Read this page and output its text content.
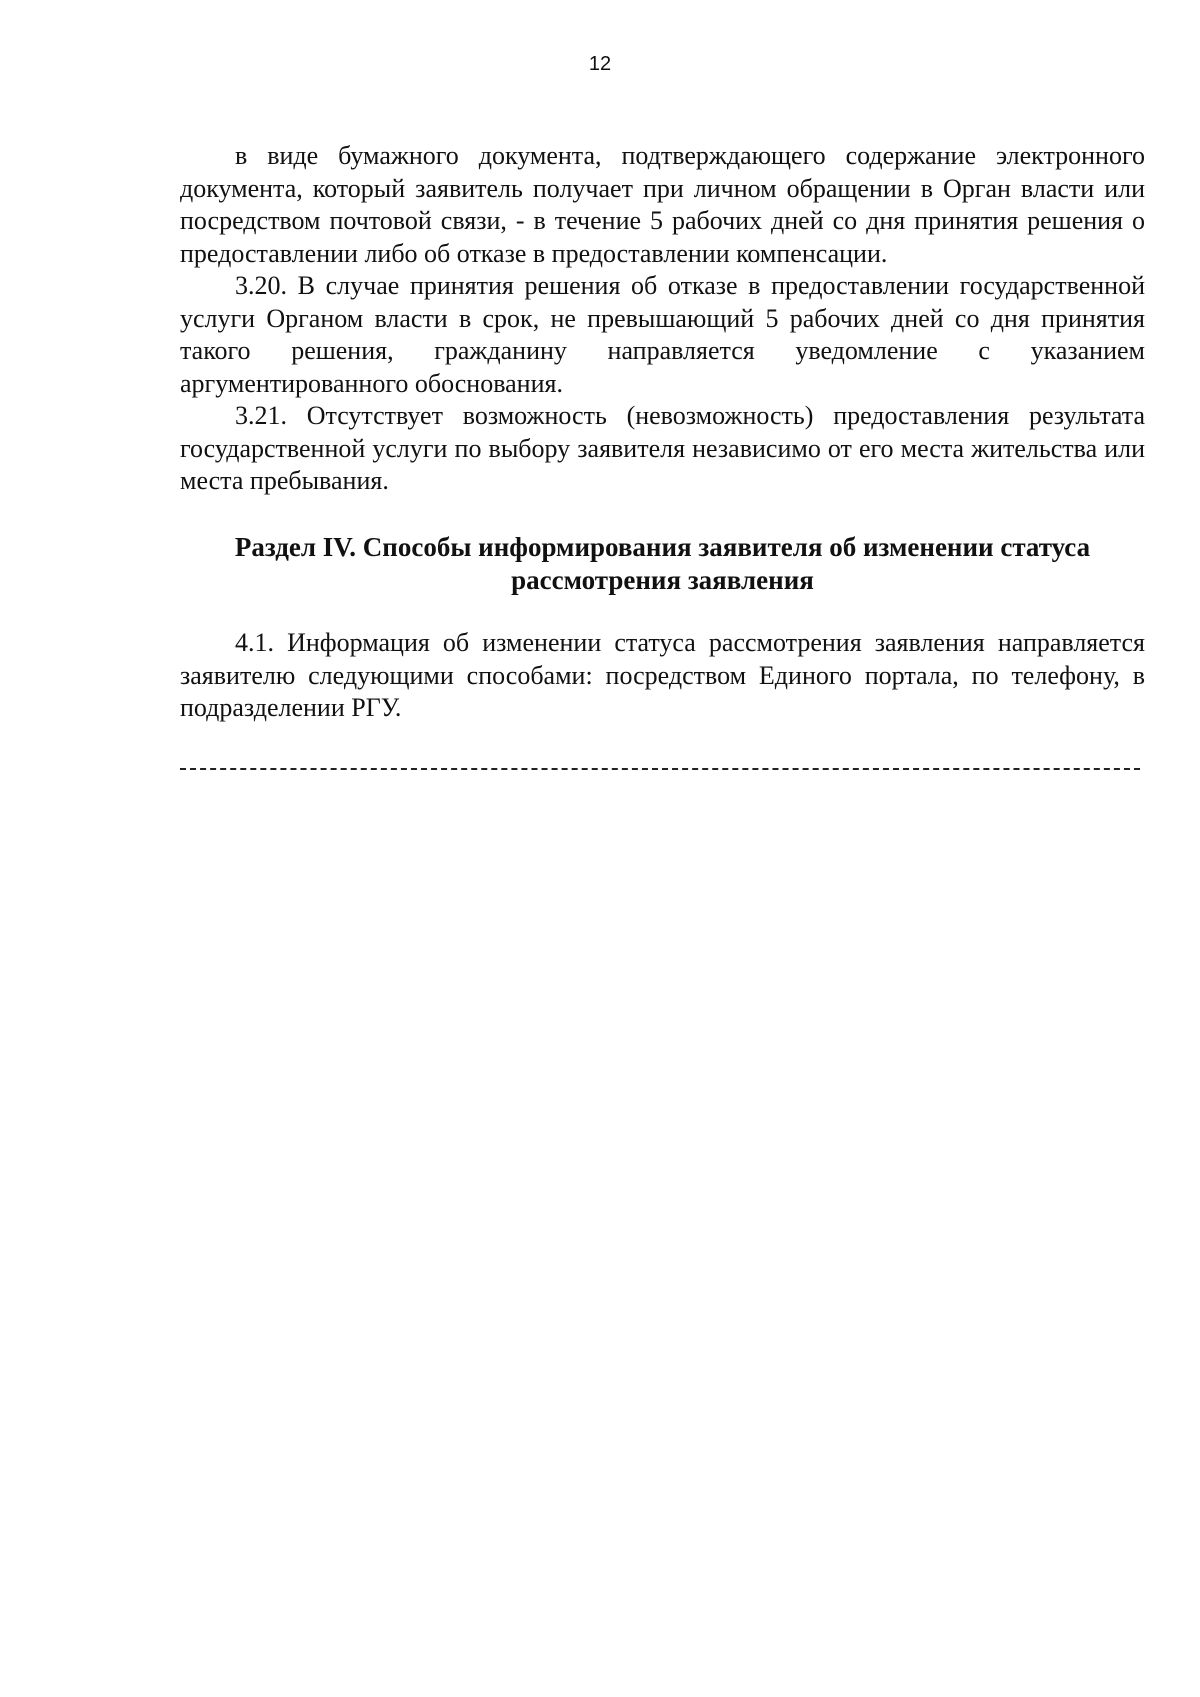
12

в виде бумажного документа, подтверждающего содержание электронного документа, который заявитель получает при личном обращении в Орган власти или посредством почтовой связи, - в течение 5 рабочих дней со дня принятия решения о предоставлении либо об отказе в предоставлении компенсации.

3.20. В случае принятия решения об отказе в предоставлении государственной услуги Органом власти в срок, не превышающий 5 рабочих дней со дня принятия такого решения, гражданину направляется уведомление с указанием аргументированного обоснования.

3.21. Отсутствует возможность (невозможность) предоставления результата государственной услуги по выбору заявителя независимо от его места жительства или места пребывания.

Раздел IV. Способы информирования заявителя об изменении статуса рассмотрения заявления

4.1. Информация об изменении статуса рассмотрения заявления направляется заявителю следующими способами: посредством Единого портала, по телефону, в подразделении РГУ.
